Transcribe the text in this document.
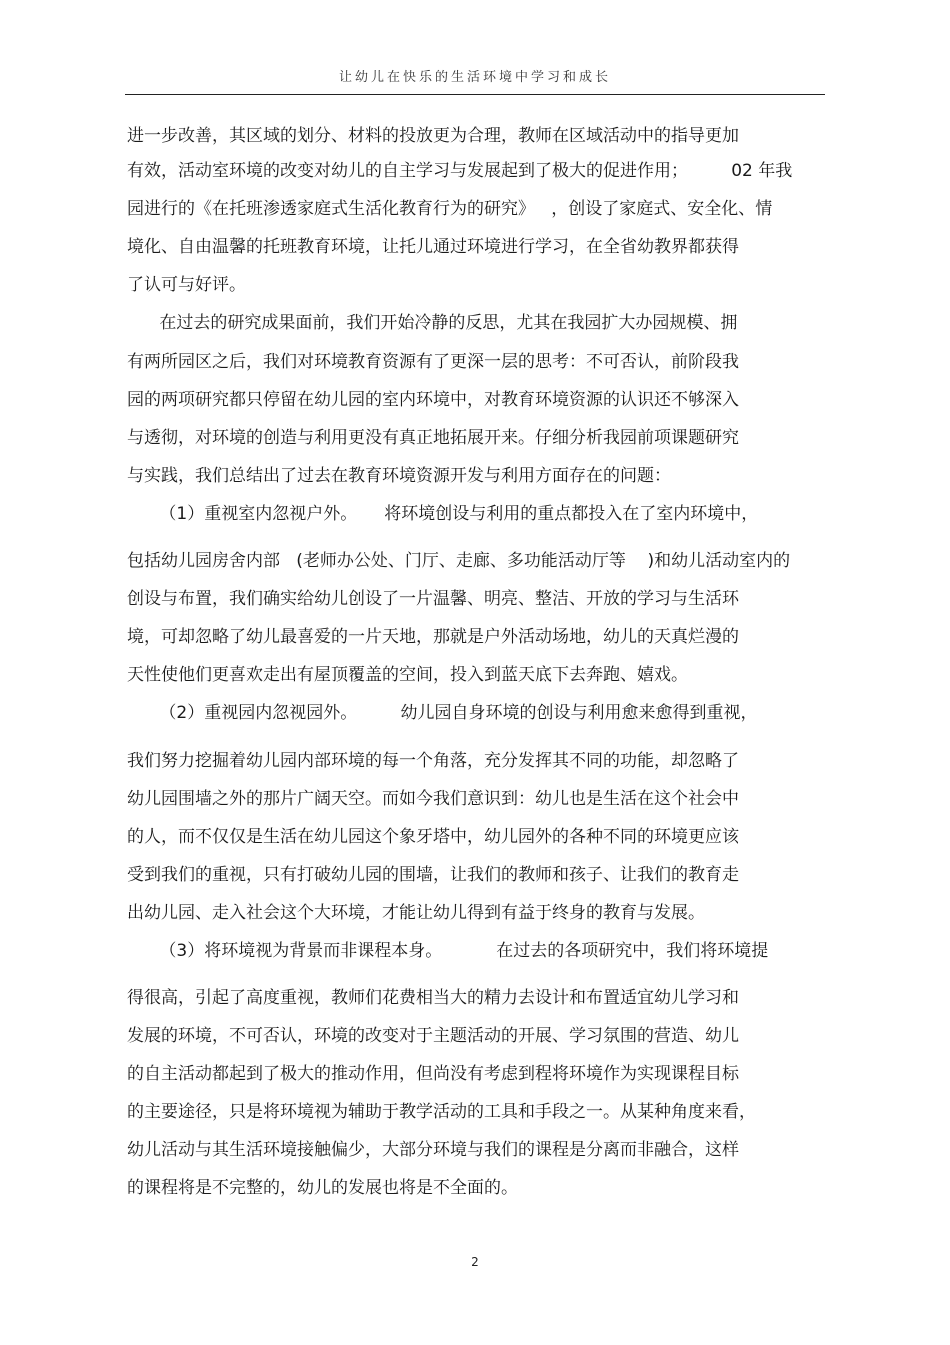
让幼儿在快乐的生活环境中学习和成长
进一步改善，其区域的划分、材料的投放更为合理，教师在区域活动中的指导更加
有效，活动室环境的改变对幼儿的自主学习与发展起到了极大的促进作用；        02 年我
园进行的《在托班渗透家庭式生活化教育行为的研究》   ，创设了家庭式、安全化、情
境化、自由温馨的托班教育环境，让托儿通过环境进行学习，在全省幼教界都获得
了认可与好评。
在过去的研究成果面前，我们开始冷静的反思，尤其在我园扩大办园规模、拥
有两所园区之后，我们对环境教育资源有了更深一层的思考：不可否认，前阶段我
园的两项研究都只停留在幼儿园的室内环境中，对教育环境资源的认识还不够深入
与透彻，对环境的创造与利用更没有真正地拓展开来。仔细分析我园前项课题研究
与实践，我们总结出了过去在教育环境资源开发与利用方面存在的问题：
（1）重视室内忽视户外。     将环境创设与利用的重点都投入在了室内环境中，
包括幼儿园房舍内部   (老师办公处、门厅、走廊、多功能活动厅等    )和幼儿活动室内的
创设与布置，我们确实给幼儿创设了一片温馨、明亮、整洁、开放的学习与生活环
境，可却忽略了幼儿最喜爱的一片天地，那就是户外活动场地，幼儿的天真烂漫的
天性使他们更喜欢走出有屋顶覆盖的空间，投入到蓝天底下去奔跑、嬉戏。
（2）重视园内忽视园外。        幼儿园自身环境的创设与利用愈来愈得到重视，
我们努力挖掘着幼儿园内部环境的每一个角落，充分发挥其不同的功能，却忽略了
幼儿园围墙之外的那片广阔天空。而如今我们意识到：幼儿也是生活在这个社会中
的人，而不仅仅是生活在幼儿园这个象牙塔中，幼儿园外的各种不同的环境更应该
受到我们的重视，只有打破幼儿园的围墙，让我们的教师和孩子、让我们的教育走
出幼儿园、走入社会这个大环境，才能让幼儿得到有益于终身的教育与发展。
（3）将环境视为背景而非课程本身。          在过去的各项研究中，我们将环境提
得很高，引起了高度重视，教师们花费相当大的精力去设计和布置适宜幼儿学习和
发展的环境，不可否认，环境的改变对于主题活动的开展、学习氛围的营造、幼儿
的自主活动都起到了极大的推动作用，但尚没有考虑到程将环境作为实现课程目标
的主要途径，只是将环境视为辅助于教学活动的工具和手段之一。从某种角度来看，
幼儿活动与其生活环境接触偏少，大部分环境与我们的课程是分离而非融合，这样
的课程将是不完整的，幼儿的发展也将是不全面的。
2
